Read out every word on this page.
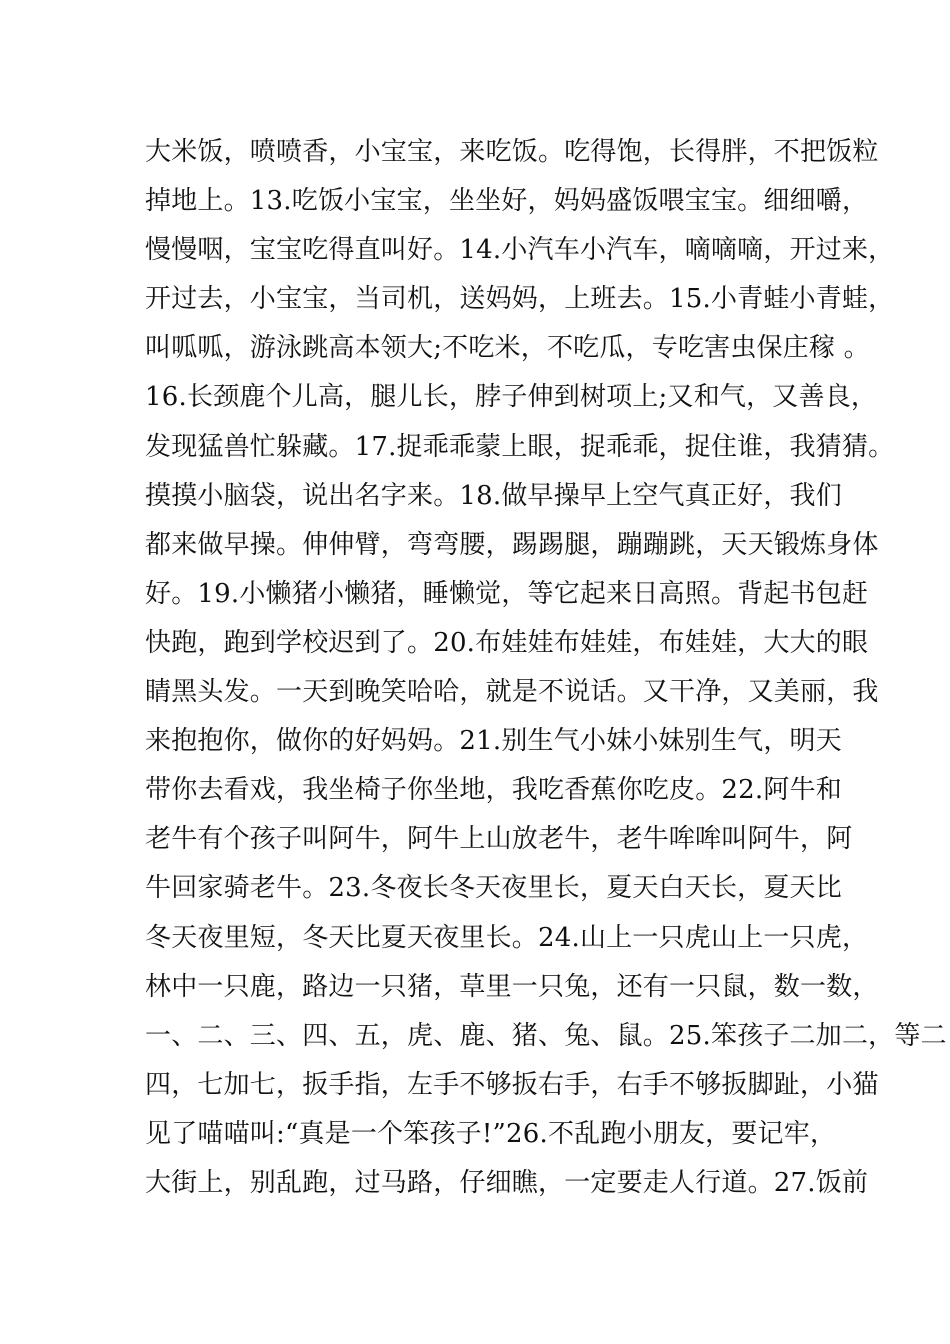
大米饭，喷喷香，小宝宝，来吃饭。吃得饱，长得胖，不把饭粒
掉地上。13.吃饭小宝宝，坐坐好，妈妈盛饭喂宝宝。细细嚼，
慢慢咽，宝宝吃得直叫好。14.小汽车小汽车，嘀嘀嘀，开过来，
开过去，小宝宝，当司机，送妈妈，上班去。15.小青蛙小青蛙，
叫呱呱，游泳跳高本领大;不吃米，不吃瓜，专吃害虫保庄稼 。
16.长颈鹿个儿高，腿儿长，脖子伸到树项上;又和气，又善良，
发现猛兽忙躲藏。17.捉乖乖蒙上眼，捉乖乖，捉住谁，我猜猜。
摸摸小脑袋，说出名字来。18.做早操早上空气真正好，我们
都来做早操。伸伸臂，弯弯腰，踢踢腿，蹦蹦跳，天天锻炼身体
好。19.小懒猪小懒猪，睡懒觉，等它起来日高照。背起书包赶
快跑，跑到学校迟到了。20.布娃娃布娃娃，布娃娃，大大的眼
睛黑头发。一天到晚笑哈哈，就是不说话。又干净，又美丽，我
来抱抱你，做你的好妈妈。21.别生气小妹小妹别生气，明天
带你去看戏，我坐椅子你坐地，我吃香蕉你吃皮。22.阿牛和
老牛有个孩子叫阿牛，阿牛上山放老牛，老牛哞哞叫阿牛，阿
牛回家骑老牛。23.冬夜长冬天夜里长，夏天白天长，夏天比
冬天夜里短，冬天比夏天夜里长。24.山上一只虎山上一只虎，
林中一只鹿，路边一只猪，草里一只兔，还有一只鼠，数一数，
一、二、三、四、五，虎、鹿、猪、兔、鼠。25.笨孩子二加二，等二
四，七加七，扳手指，左手不够扳右手，右手不够扳脚趾，小猫
见了喵喵叫:“真是一个笨孩子!”26.不乱跑小朋友，要记牢，
大街上，别乱跑，过马路，仔细瞧，一定要走人行道。27.饭前
